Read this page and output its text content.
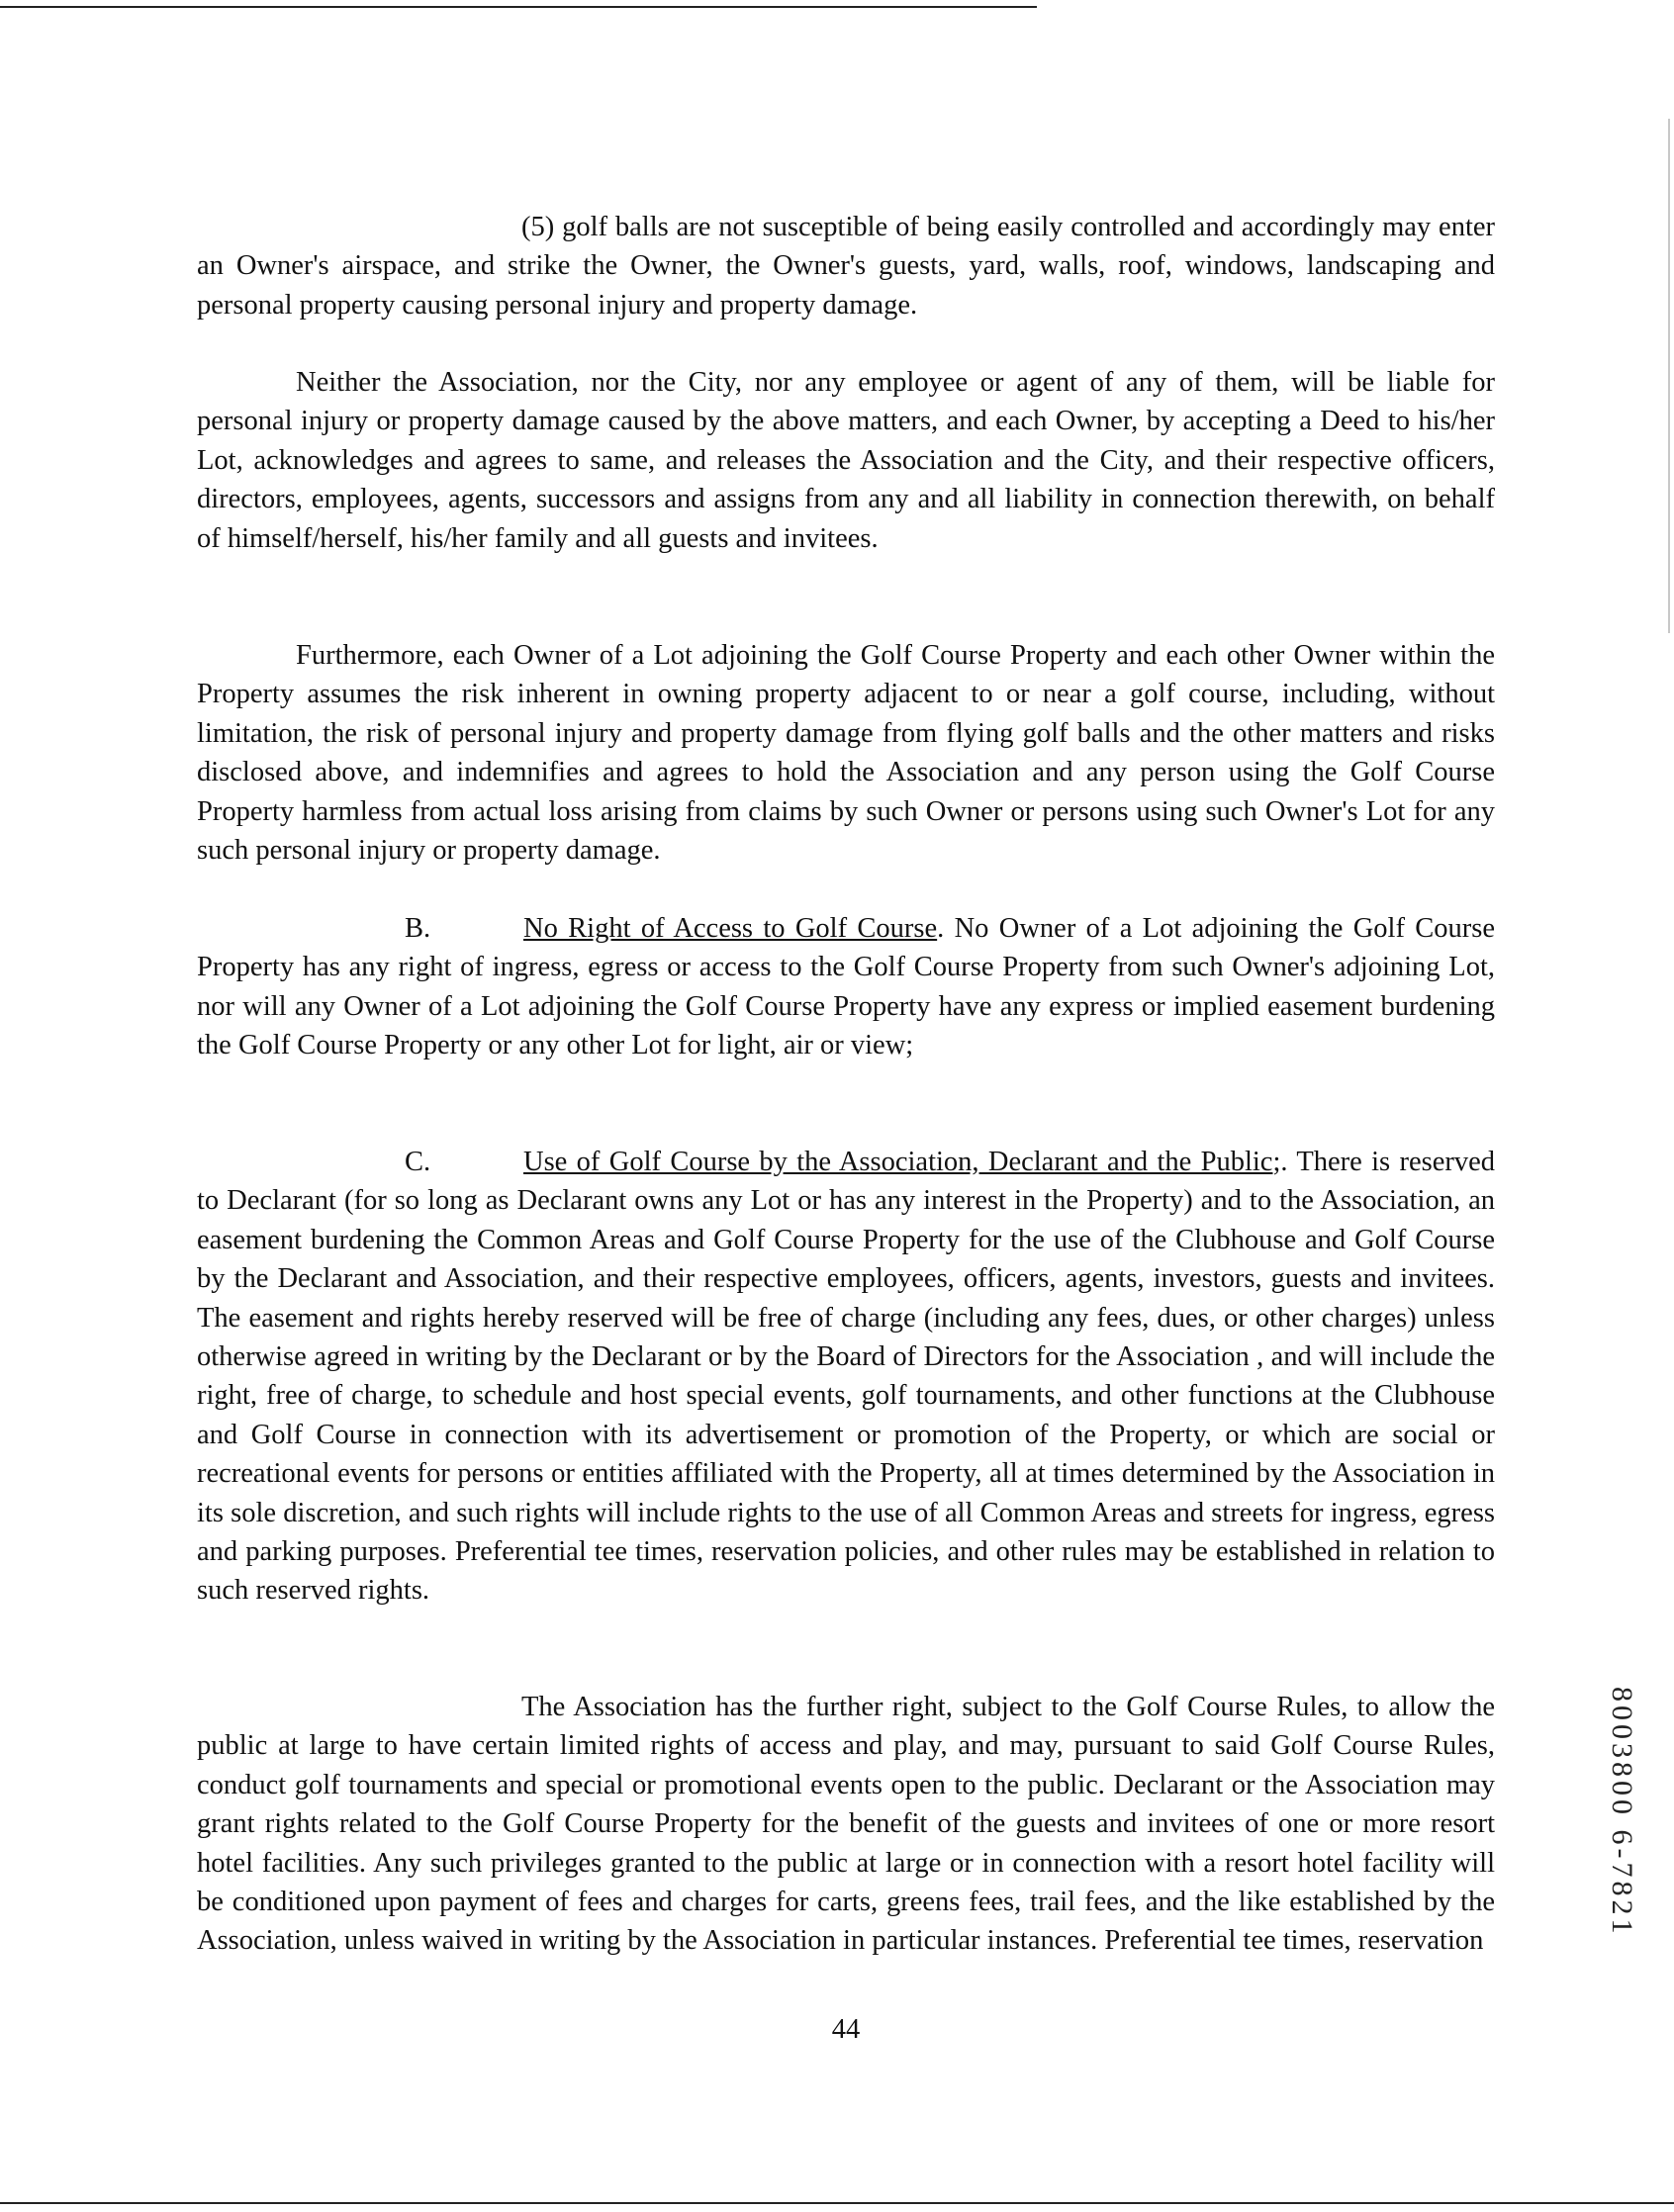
(5) golf balls are not susceptible of being easily controlled and accordingly may enter an Owner's airspace, and strike the Owner, the Owner's guests, yard, walls, roof, windows, landscaping and personal property causing personal injury and property damage.

Neither the Association, nor the City, nor any employee or agent of any of them, will be liable for personal injury or property damage caused by the above matters, and each Owner, by accepting a Deed to his/her Lot, acknowledges and agrees to same, and releases the Association and the City, and their respective officers, directors, employees, agents, successors and assigns from any and all liability in connection therewith, on behalf of himself/herself, his/her family and all guests and invitees.

Furthermore, each Owner of a Lot adjoining the Golf Course Property and each other Owner within the Property assumes the risk inherent in owning property adjacent to or near a golf course, including, without limitation, the risk of personal injury and property damage from flying golf balls and the other matters and risks disclosed above, and indemnifies and agrees to hold the Association and any person using the Golf Course Property harmless from actual loss arising from claims by such Owner or persons using such Owner's Lot for any such personal injury or property damage.

B.	No Right of Access to Golf Course. No Owner of a Lot adjoining the Golf Course Property has any right of ingress, egress or access to the Golf Course Property from such Owner's adjoining Lot, nor will any Owner of a Lot adjoining the Golf Course Property have any express or implied easement burdening the Golf Course Property or any other Lot for light, air or view;

C.	Use of Golf Course by the Association, Declarant and the Public;. There is reserved to Declarant (for so long as Declarant owns any Lot or has any interest in the Property) and to the Association, an easement burdening the Common Areas and Golf Course Property for the use of the Clubhouse and Golf Course by the Declarant and Association, and their respective employees, officers, agents, investors, guests and invitees. The easement and rights hereby reserved will be free of charge (including any fees, dues, or other charges) unless otherwise agreed in writing by the Declarant or by the Board of Directors for the Association , and will include the right, free of charge, to schedule and host special events, golf tournaments, and other functions at the Clubhouse and Golf Course in connection with its advertisement or promotion of the Property, or which are social or recreational events for persons or entities affiliated with the Property, all at times determined by the Association in its sole discretion, and such rights will include rights to the use of all Common Areas and streets for ingress, egress and parking purposes. Preferential tee times, reservation policies, and other rules may be established in relation to such reserved rights.

The Association has the further right, subject to the Golf Course Rules, to allow the public at large to have certain limited rights of access and play, and may, pursuant to said Golf Course Rules, conduct golf tournaments and special or promotional events open to the public. Declarant or the Association may grant rights related to the Golf Course Property for the benefit of the guests and invitees of one or more resort hotel facilities. Any such privileges granted to the public at large or in connection with a resort hotel facility will be conditioned upon payment of fees and charges for carts, greens fees, trail fees, and the like established by the Association, unless waived in writing by the Association in particular instances. Preferential tee times, reservation

44
8003800 6-7821
